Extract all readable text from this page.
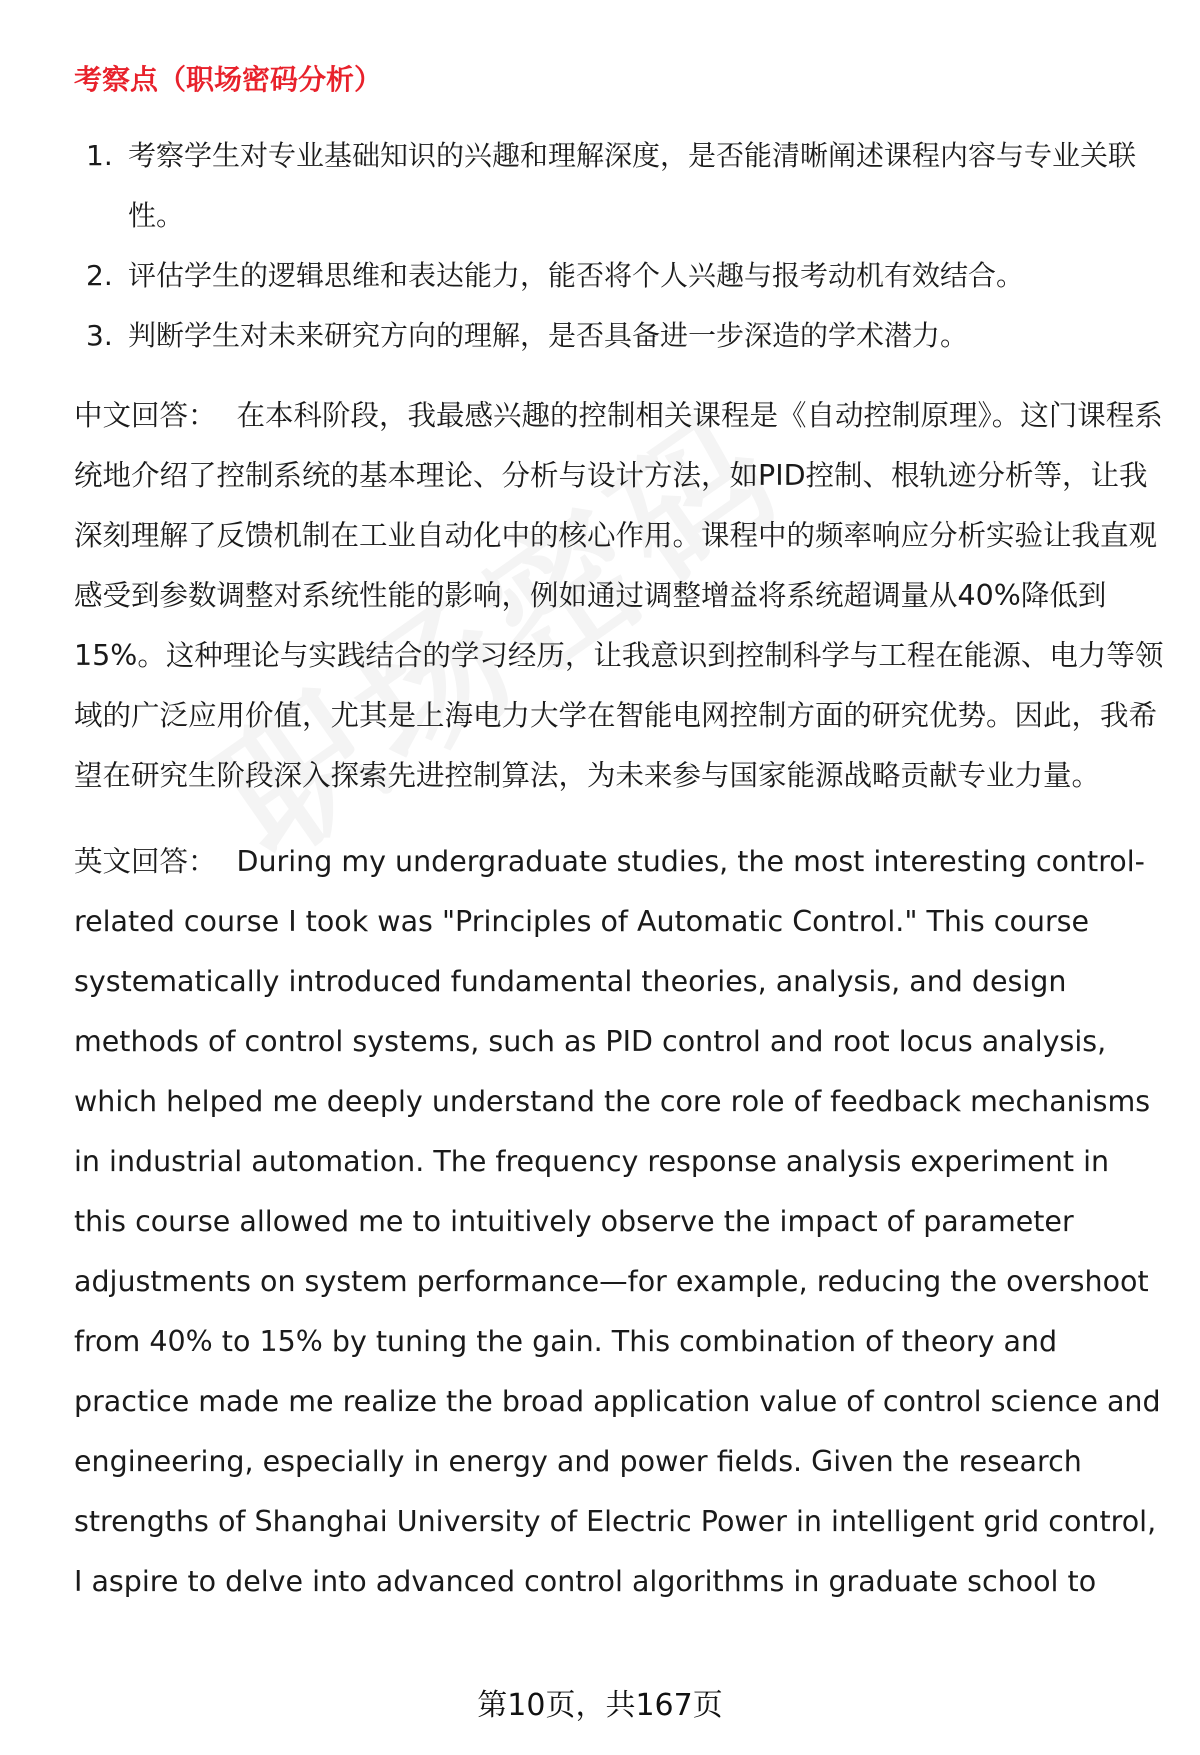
考察点（职场密码分析）
1. 考察学生对专业基础知识的兴趣和理解深度，是否能清晰阐述课程内容与专业关联性。
2. 评估学生的逻辑思维和表达能力，能否将个人兴趣与报考动机有效结合。
3. 判断学生对未来研究方向的理解，是否具备进一步深造的学术潜力。

中文回答： 在本科阶段，我最感兴趣的控制相关课程是《自动控制原理》。这门课程系统地介绍了控制系统的基本理论、分析与设计方法，如PID控制、根轨迹分析等，让我深刻理解了反馈机制在工业自动化中的核心作用。课程中的频率响应分析实验让我直观感受到参数调整对系统性能的影响，例如通过调整增益将系统超调量从40%降低到15%。这种理论与实践结合的学习经历，让我意识到控制科学与工程在能源、电力等领域的广泛应用价值，尤其是上海电力大学在智能电网控制方面的研究优势。因此，我希望在研究生阶段深入探索先进控制算法，为未来参与国家能源战略贡献专业力量。

英文回答： During my undergraduate studies, the most interesting control-related course I took was "Principles of Automatic Control." This course systematically introduced fundamental theories, analysis, and design methods of control systems, such as PID control and root locus analysis, which helped me deeply understand the core role of feedback mechanisms in industrial automation. The frequency response analysis experiment in this course allowed me to intuitively observe the impact of parameter adjustments on system performance—for example, reducing the overshoot from 40% to 15% by tuning the gain. This combination of theory and practice made me realize the broad application value of control science and engineering, especially in energy and power fields. Given the research strengths of Shanghai University of Electric Power in intelligent grid control, I aspire to delve into advanced control algorithms in graduate school to

第10页，共167页
